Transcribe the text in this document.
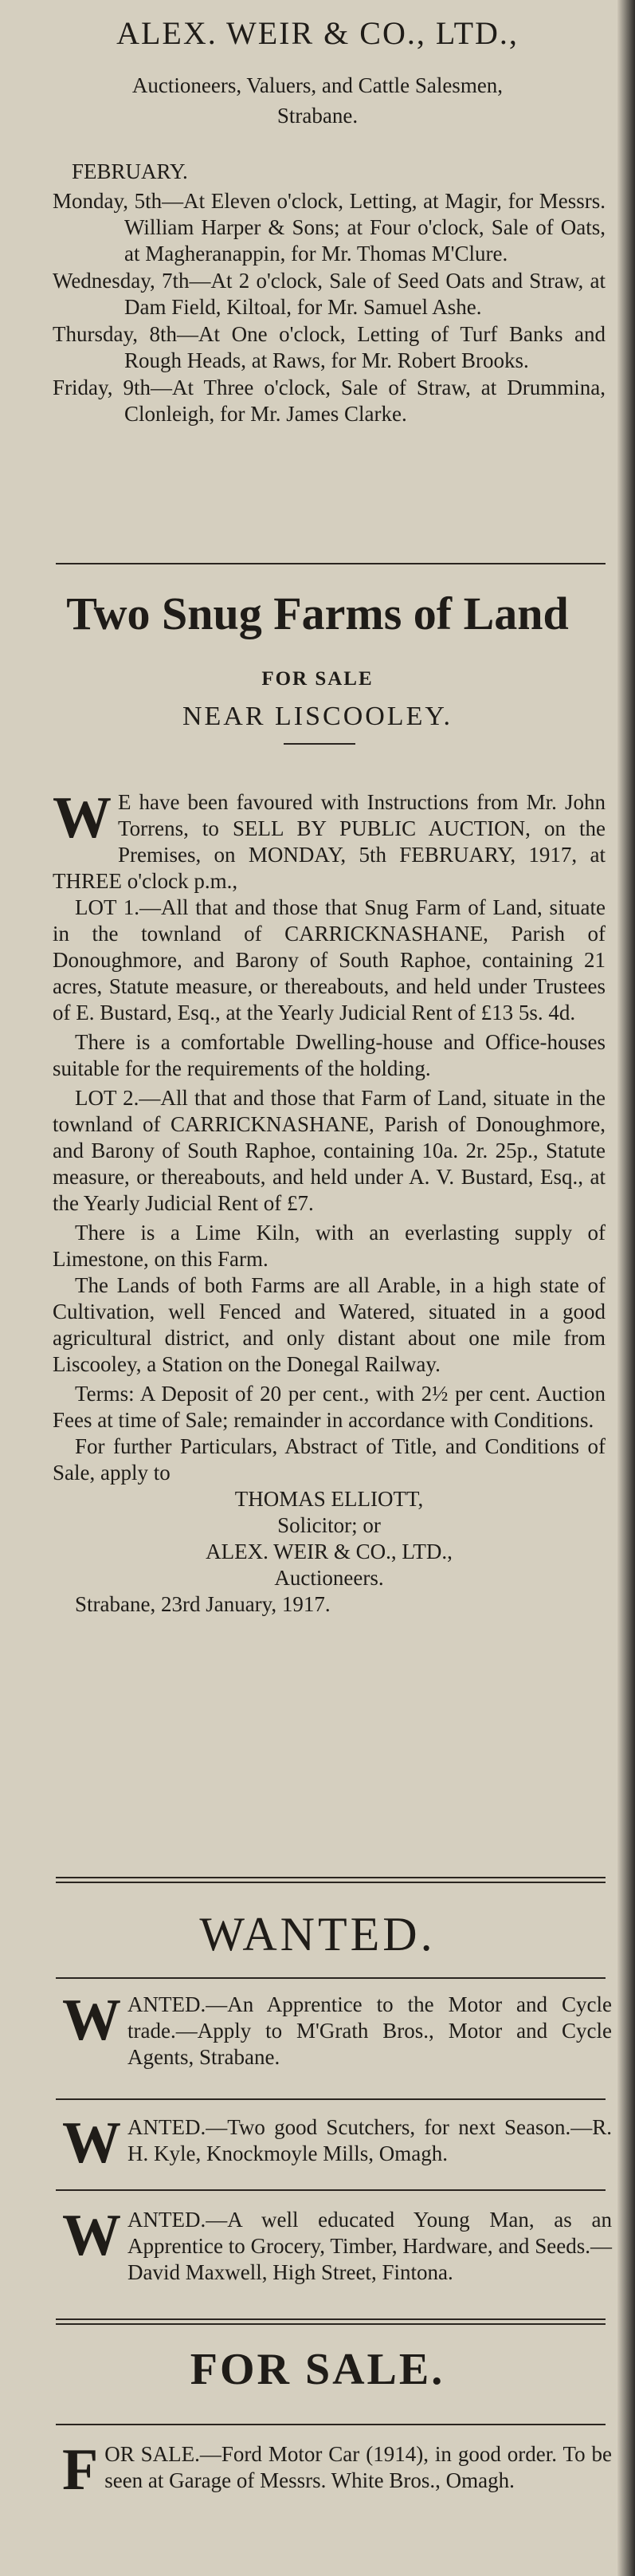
ALEX. WEIR & CO., LTD.,
Auctioneers, Valuers, and Cattle Salesmen,
Strabane.
FEBRUARY.
Monday, 5th—At Eleven o'clock, Letting, at Magir, for Messrs. William Harper & Sons; at Four o'clock, Sale of Oats, at Magheranappin, for Mr. Thomas M'Clure.
Wednesday, 7th—At 2 o'clock, Sale of Seed Oats and Straw, at Dam Field, Kiltoal, for Mr. Samuel Ashe.
Thursday, 8th—At One o'clock, Letting of Turf Banks and Rough Heads, at Raws, for Mr. Robert Brooks.
Friday, 9th—At Three o'clock, Sale of Straw, at Drummina, Clonleigh, for Mr. James Clarke.
Two Snug Farms of Land
FOR SALE
NEAR LISCOOLEY.
W E have been favoured with Instructions from Mr. John Torrens, to SELL BY PUBLIC AUCTION, on the Premises, on MONDAY, 5th FEBRUARY, 1917, at THREE o'clock p.m.,
LOT 1.—All that and those that Snug Farm of Land, situate in the townland of CARRICKNASHANE, Parish of Donoughmore, and Barony of South Raphoe, containing 21 acres, Statute measure, or thereabouts, and held under Trustees of E. Bustard, Esq., at the Yearly Judicial Rent of £13 5s. 4d.
There is a comfortable Dwelling-house and Office-houses suitable for the requirements of the holding.
LOT 2.—All that and those that Farm of Land, situate in the townland of CARRICKNASHANE, Parish of Donoughmore, and Barony of South Raphoe, containing 10a. 2r. 25p., Statute measure, or thereabouts, and held under A. V. Bustard, Esq., at the Yearly Judicial Rent of £7.
There is a Lime Kiln, with an everlasting supply of Limestone, on this Farm.
The Lands of both Farms are all Arable, in a high state of Cultivation, well Fenced and Watered, situated in a good agricultural district, and only distant about one mile from Liscooley, a Station on the Donegal Railway.
Terms: A Deposit of 20 per cent., with 2½ per cent. Auction Fees at time of Sale; remainder in accordance with Conditions.
For further Particulars, Abstract of Title, and Conditions of Sale, apply to
THOMAS ELLIOTT,
Solicitor; or
ALEX. WEIR & CO., LTD.,
Auctioneers.
Strabane, 23rd January, 1917.
WANTED.
W ANTED.—An Apprentice to the Motor and Cycle trade.—Apply to M'Grath Bros., Motor and Cycle Agents, Strabane.
W ANTED.—Two good Scutchers, for next Season.—R. H. Kyle, Knockmoyle Mills, Omagh.
W ANTED.—A well educated Young Man, as an Apprentice to Grocery, Timber, Hardware, and Seeds.—David Maxwell, High Street, Fintona.
FOR SALE.
F OR SALE.—Ford Motor Car (1914), in good order. To be seen at Garage of Messrs. White Bros., Omagh.
